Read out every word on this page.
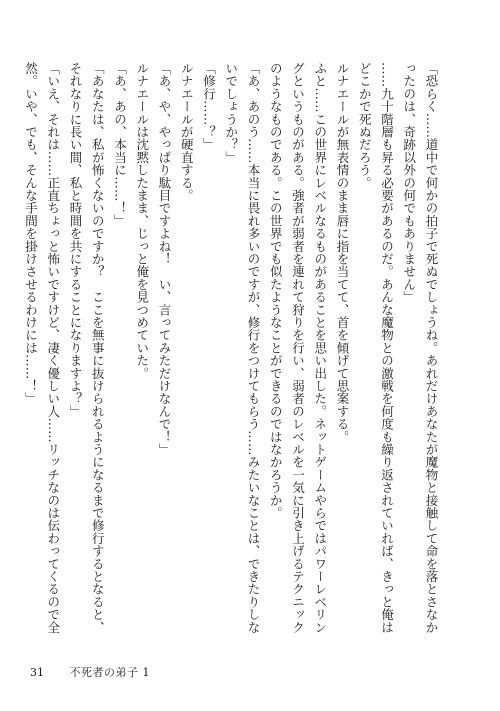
「恐らく……道中で何かの拍子で死ぬでしょうね。あれだけあなたが魔物と接触して命を落とさなかったのは、奇跡以外の何でもありません」

……九十階層も昇る必要があるのだ。あんな魔物との激戦を何度も繰り返されていれば、きっと俺はどこかで死ぬだろう。

ルナエールが無表情のまま唇に指を当てて、首を傾げて思案する。

ふと……この世界にレベルなるものがあることを思い出した。ネットゲームやらではパワーレベリングというものがある。強者が弱者を連れて狩りを行い、弱者のレベルを一気に引き上げるテクニックのようなものである。この世界でも似たようなことができるのではなかろうか。

「あ、あのう……本当に畏れ多いのですが、修行をつけてもらう……みたいなことは、できたりしないでしょうか？」

「修行……？」

ルナエールが硬直する。

「あ、や、やっぱり駄目ですよね！　い、言ってみただけなんで！」

ルナエールは沈黙したまま、じっと俺を見つめていた。

「あ、あの、本当に……！」

「あなたは、私が怖くないのですか？　ここを無事に抜けられるようになるまで修行するとなると、それなりに長い間、私と時間を共にすることになりますよ？」

「いえ、それは……正直ちょっと怖いですけど、凄く優しい人……リッチなのは伝わってくるので全然。いや、でも、そんな手間を掛けさせるわけには……！」

31 不死者の弟子 1
